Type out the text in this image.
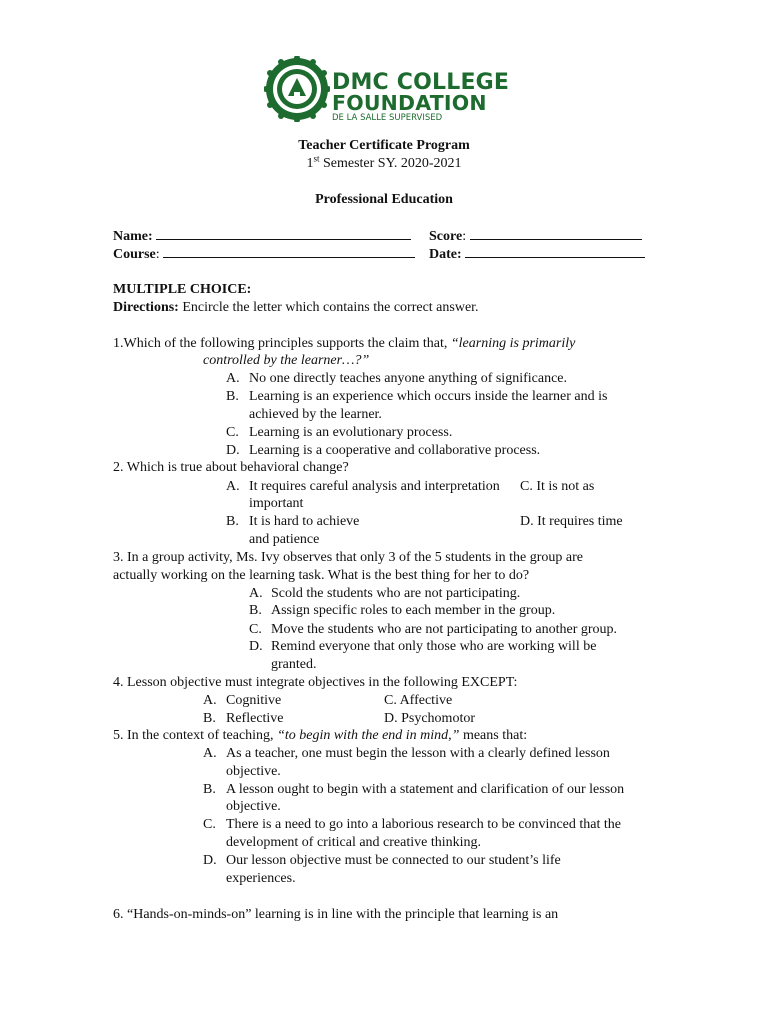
DMC COLLEGE
FOUNDATION
DE LA SALLE SUPERVISED
Teacher Certificate Program
1st Semester SY. 2020-2021
Professional Education
Name:	Score:
Course:	Date:
MULTIPLE CHOICE:
Directions: Encircle the letter which contains the correct answer.
1.Which of the following principles supports the claim that, “learning is primarily
controlled by the learner…?”
A. No one directly teaches anyone anything of significance.
B. Learning is an experience which occurs inside the learner and is
achieved by the learner.
C. Learning is an evolutionary process.
D. Learning is a cooperative and collaborative process.
2. Which is true about behavioral change?
A. It requires careful analysis and interpretation C. It is not as
important
B. It is hard to achieve	D. It requires time
and patience
3. In a group activity, Ms. Ivy observes that only 3 of the 5 students in the group are
actually working on the learning task. What is the best thing for her to do?
A. Scold the students who are not participating.
B. Assign specific roles to each member in the group.
C. Move the students who are not participating to another group.
D. Remind everyone that only those who are working will be
granted.
4. Lesson objective must integrate objectives in the following EXCEPT:
A. Cognitive	C. Affective
B. Reflective	D. Psychomotor
5. In the context of teaching, “to begin with the end in mind,” means that:
A. As a teacher, one must begin the lesson with a clearly defined lesson
objective.
B. A lesson ought to begin with a statement and clarification of our lesson
objective.
C. There is a need to go into a laborious research to be convinced that the
development of critical and creative thinking.
D. Our lesson objective must be connected to our student’s life
experiences.
6. “Hands-on-minds-on” learning is in line with the principle that learning is an
